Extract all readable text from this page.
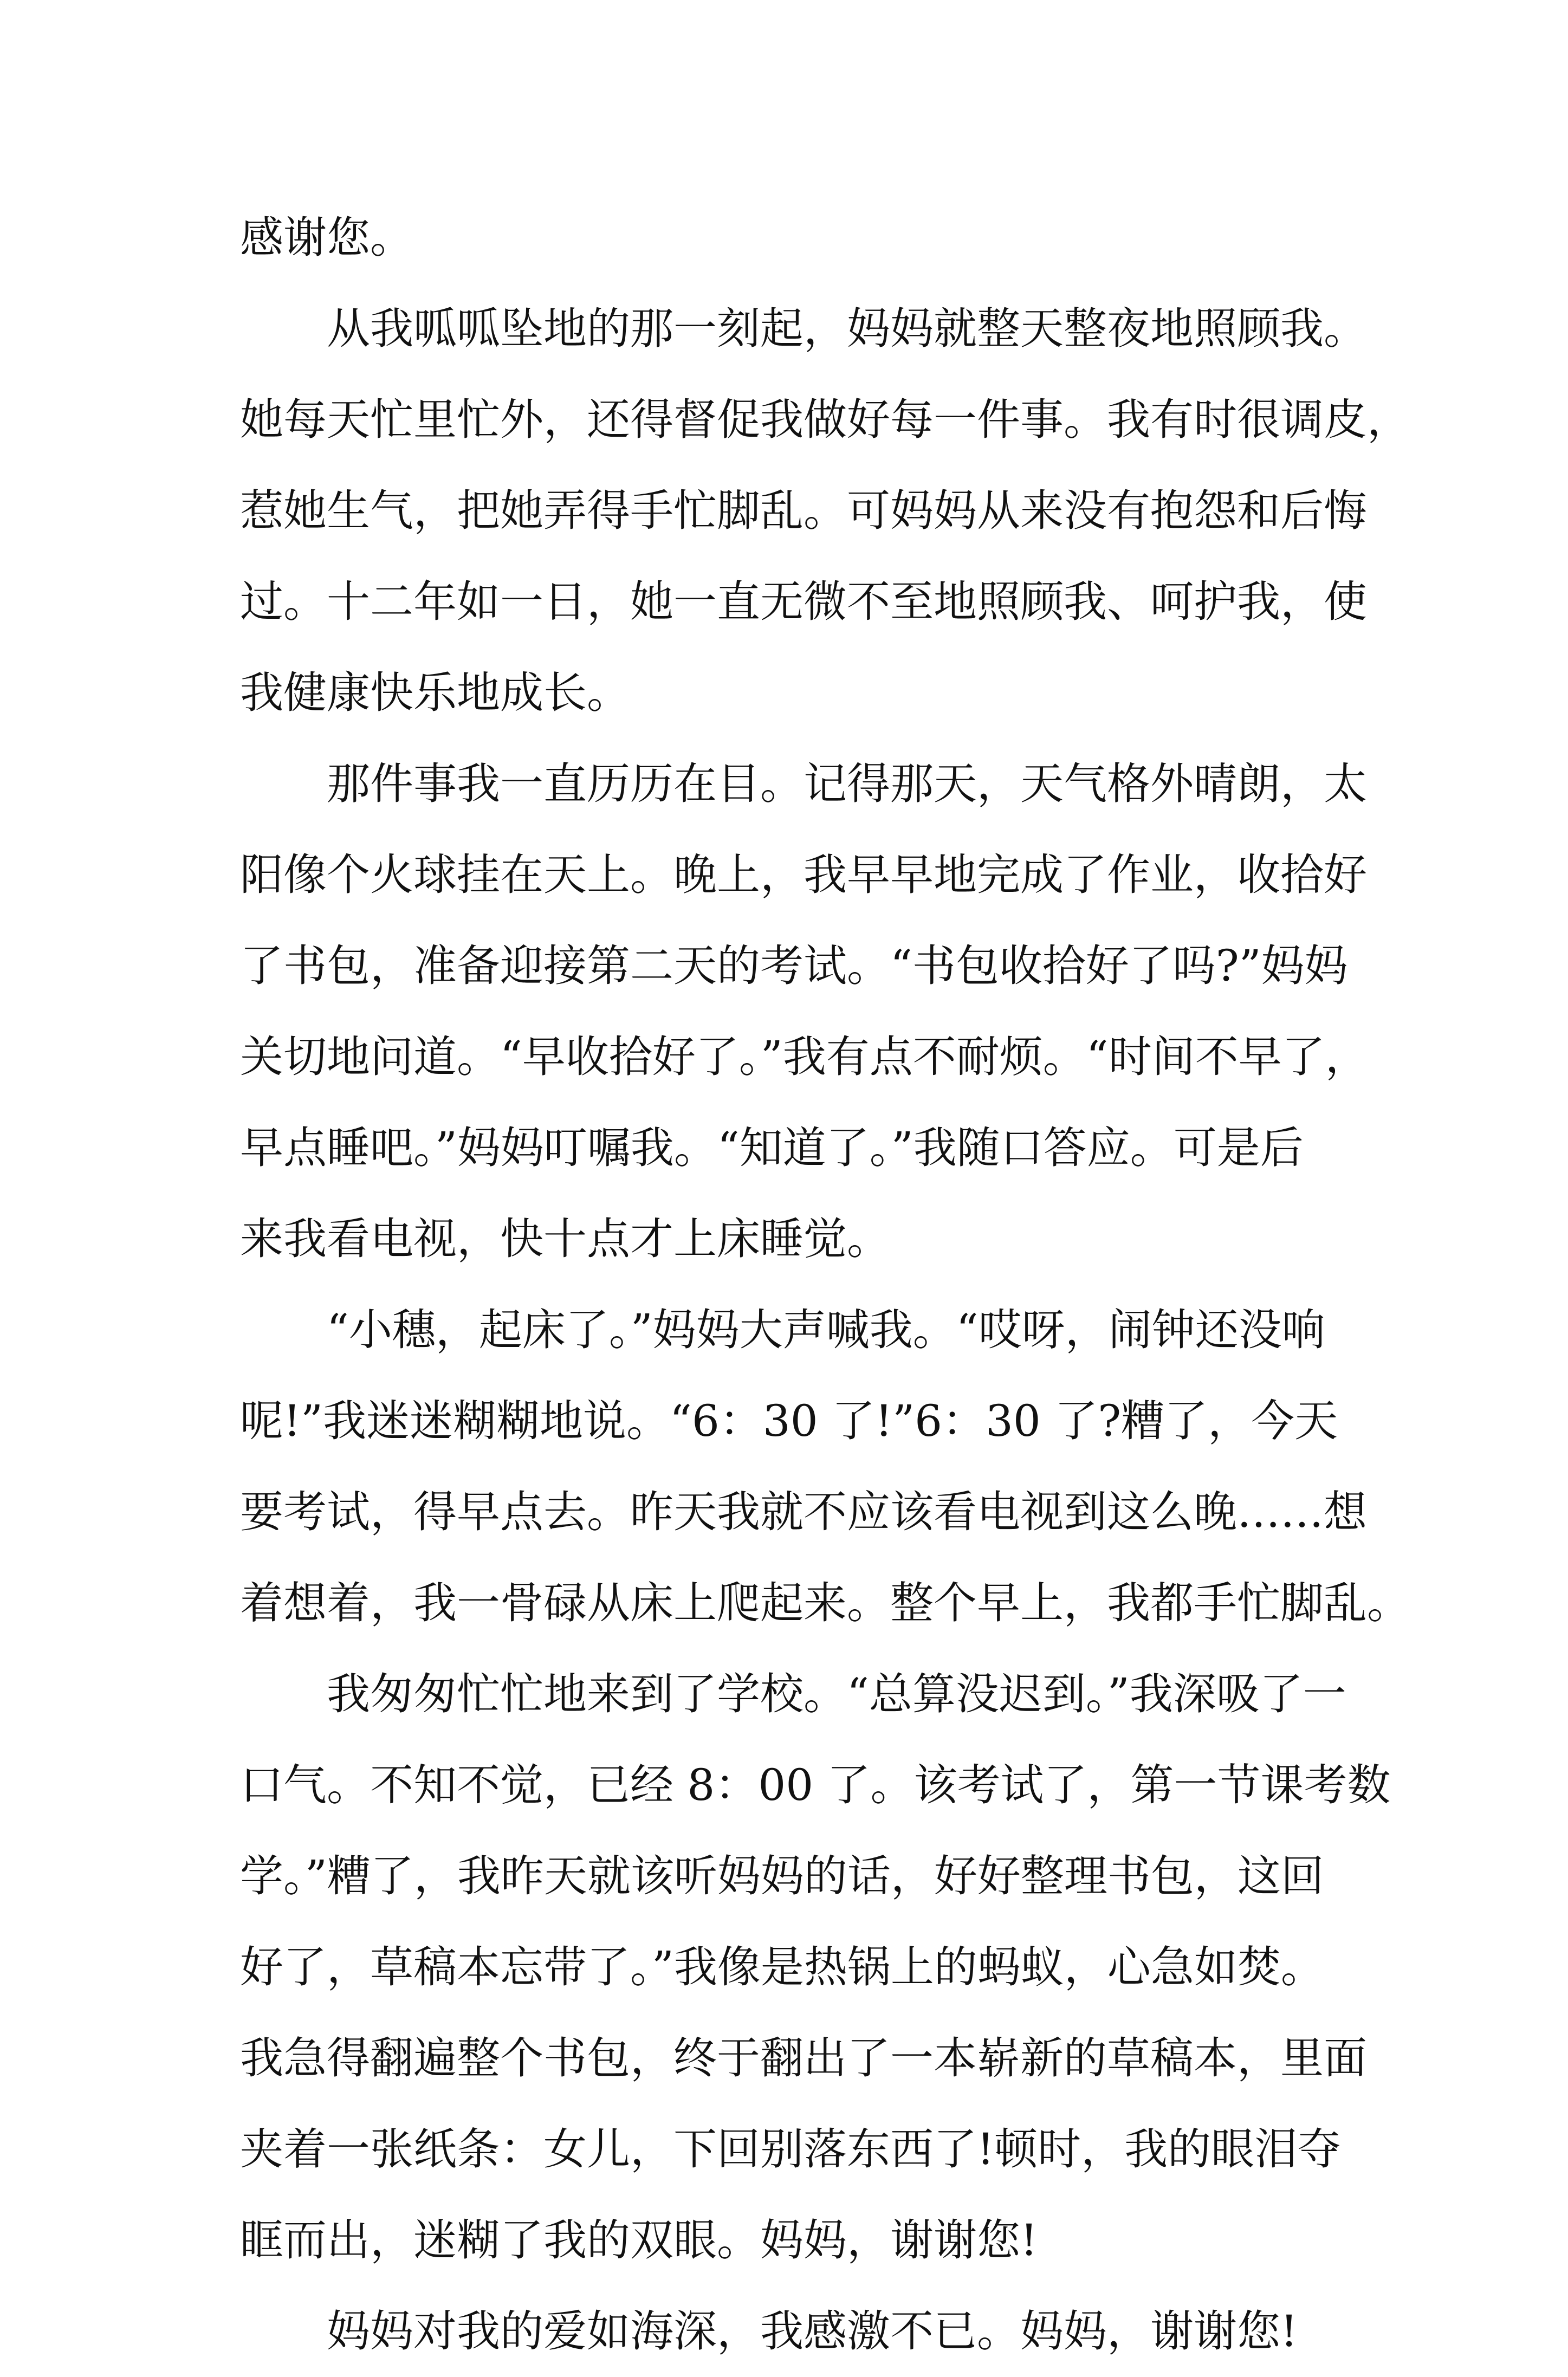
感谢您。
　　从我呱呱坠地的那一刻起，妈妈就整天整夜地照顾我。
她每天忙里忙外，还得督促我做好每一件事。我有时很调皮，
惹她生气，把她弄得手忙脚乱。可妈妈从来没有抱怨和后悔
过。十二年如一日，她一直无微不至地照顾我、呵护我，使
我健康快乐地成长。
　　那件事我一直历历在目。记得那天，天气格外晴朗，太
阳像个火球挂在天上。晚上，我早早地完成了作业，收拾好
了书包，准备迎接第二天的考试。“书包收拾好了吗?”妈妈
关切地问道。“早收拾好了。”我有点不耐烦。“时间不早了，
早点睡吧。”妈妈叮嘱我。“知道了。”我随口答应。可是后
来我看电视，快十点才上床睡觉。
　　“小穗，起床了。”妈妈大声喊我。“哎呀，闹钟还没响
呢!”我迷迷糊糊地说。“6：30 了!”6：30 了?糟了，今天
要考试，得早点去。昨天我就不应该看电视到这么晚……想
着想着，我一骨碌从床上爬起来。整个早上，我都手忙脚乱。
　　我匆匆忙忙地来到了学校。“总算没迟到。”我深吸了一
口气。不知不觉，已经 8：00 了。该考试了，第一节课考数
学。”糟了，我昨天就该听妈妈的话，好好整理书包，这回
好了，草稿本忘带了。”我像是热锅上的蚂蚁，心急如焚。
我急得翻遍整个书包，终于翻出了一本崭新的草稿本，里面
夹着一张纸条：女儿，下回别落东西了!顿时，我的眼泪夺
眶而出，迷糊了我的双眼。妈妈，谢谢您!
　　妈妈对我的爱如海深，我感激不已。妈妈，谢谢您!
